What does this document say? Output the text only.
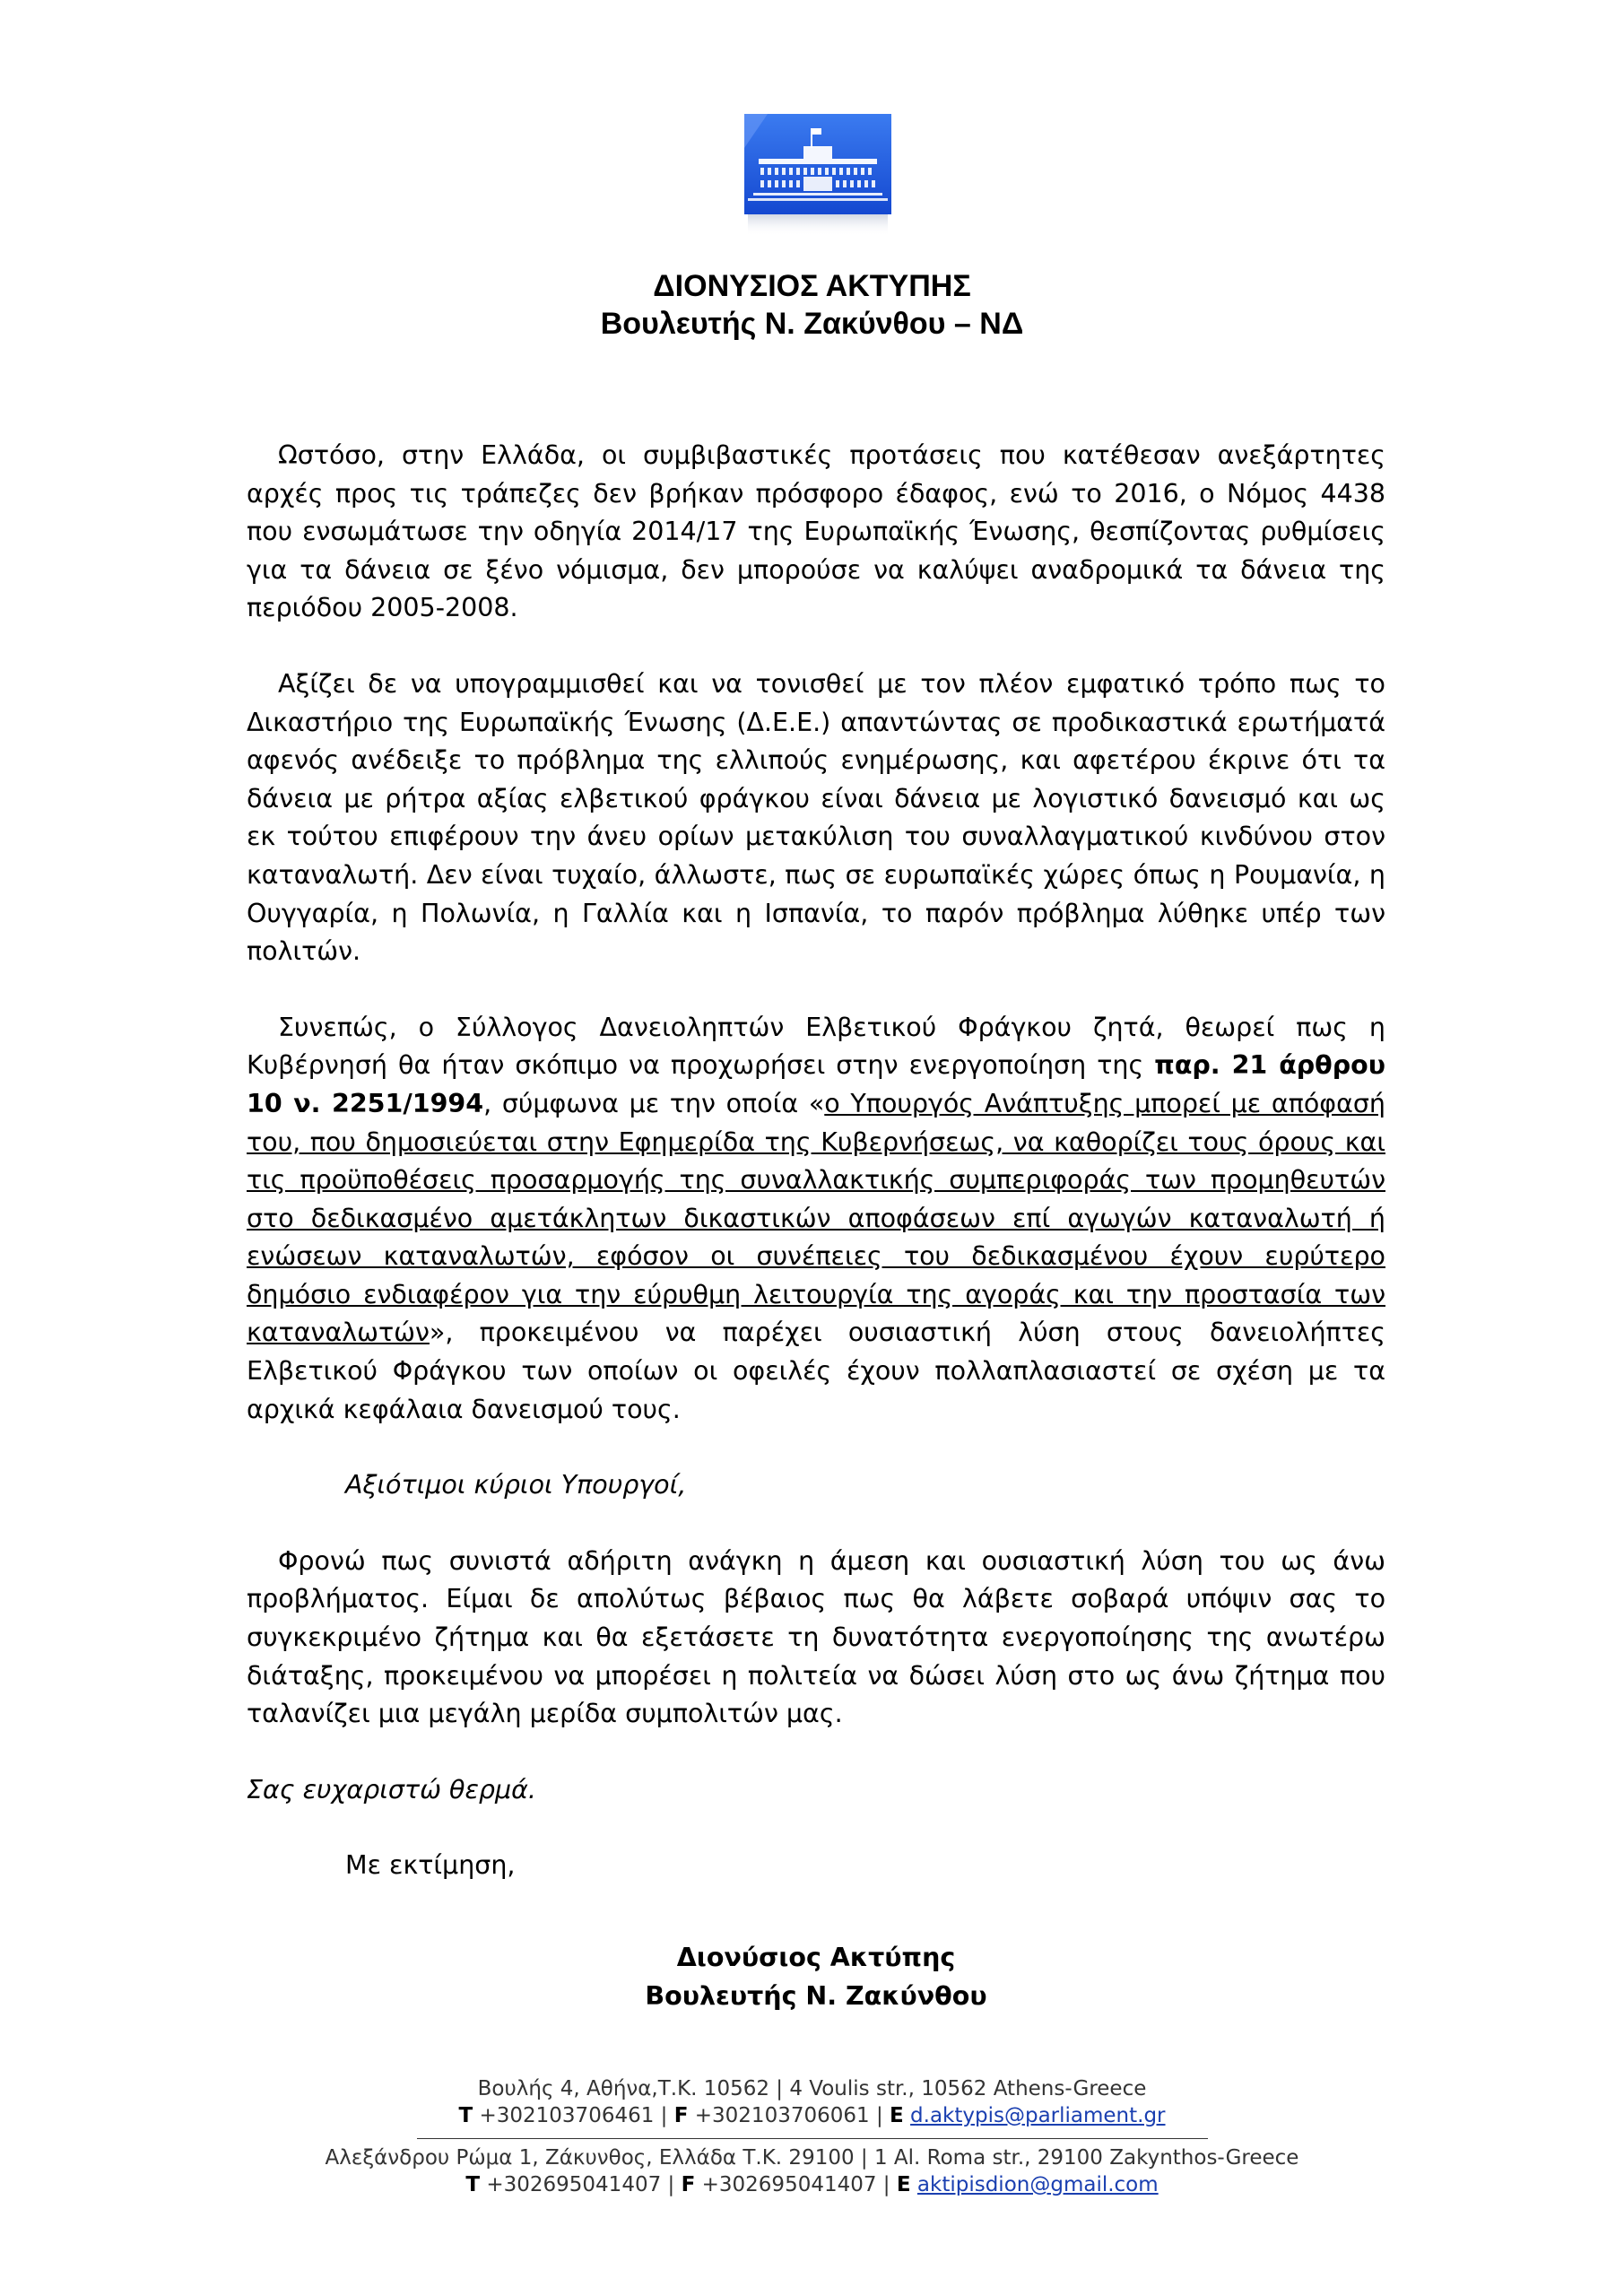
ΔΙΟΝΥΣΙΟΣ ΑΚΤΥΠΗΣ
Βουλευτής Ν. Ζακύνθου – ΝΔ

Ωστόσο, στην Ελλάδα, οι συμβιβαστικές προτάσεις που κατέθεσαν ανεξάρτητες αρχές προς τις τράπεζες δεν βρήκαν πρόσφορο έδαφος, ενώ το 2016, ο Νόμος 4438 που ενσωμάτωσε την οδηγία 2014/17 της Ευρωπαϊκής Ένωσης, θεσπίζοντας ρυθμίσεις για τα δάνεια σε ξένο νόμισμα, δεν μπορούσε να καλύψει αναδρομικά τα δάνεια της περιόδου 2005-2008.

Αξίζει δε να υπογραμμισθεί και να τονισθεί με τον πλέον εμφατικό τρόπο πως το Δικαστήριο της Ευρωπαϊκής Ένωσης (Δ.Ε.Ε.) απαντώντας σε προδικαστικά ερωτήματά αφενός ανέδειξε το πρόβλημα της ελλιπούς ενημέρωσης, και αφετέρου έκρινε ότι τα δάνεια με ρήτρα αξίας ελβετικού φράγκου είναι δάνεια με λογιστικό δανεισμό και ως εκ τούτου επιφέρουν την άνευ ορίων μετακύλιση του συναλλαγματικού κινδύνου στον καταναλωτή. Δεν είναι τυχαίο, άλλωστε, πως σε ευρωπαϊκές χώρες όπως η Ρουμανία, η Ουγγαρία, η Πολωνία, η Γαλλία και η Ισπανία, το παρόν πρόβλημα λύθηκε υπέρ των πολιτών.

Συνεπώς, ο Σύλλογος Δανειοληπτών Ελβετικού Φράγκου ζητά, θεωρεί πως η Κυβέρνησή θα ήταν σκόπιμο να προχωρήσει στην ενεργοποίηση της παρ. 21 άρθρου 10 ν. 2251/1994, σύμφωνα με την οποία «ο Υπουργός Ανάπτυξης μπορεί με απόφασή του, που δημοσιεύεται στην Εφημερίδα της Κυβερνήσεως, να καθορίζει τους όρους και τις προϋποθέσεις προσαρμογής της συναλλακτικής συμπεριφοράς των προμηθευτών στο δεδικασμένο αμετάκλητων δικαστικών αποφάσεων επί αγωγών καταναλωτή ή ενώσεων καταναλωτών, εφόσον οι συνέπειες του δεδικασμένου έχουν ευρύτερο δημόσιο ενδιαφέρον για την εύρυθμη λειτουργία της αγοράς και την προστασία των καταναλωτών», προκειμένου να παρέχει ουσιαστική λύση στους δανειολήπτες Ελβετικού Φράγκου των οποίων οι οφειλές έχουν πολλαπλασιαστεί σε σχέση με τα αρχικά κεφάλαια δανεισμού τους.

Αξιότιμοι κύριοι Υπουργοί,

Φρονώ πως συνιστά αδήριτη ανάγκη η άμεση και ουσιαστική λύση του ως άνω προβλήματος. Είμαι δε απολύτως βέβαιος πως θα λάβετε σοβαρά υπόψιν σας το συγκεκριμένο ζήτημα και θα εξετάσετε τη δυνατότητα ενεργοποίησης της ανωτέρω διάταξης, προκειμένου να μπορέσει η πολιτεία να δώσει λύση στο ως άνω ζήτημα που ταλανίζει μια μεγάλη μερίδα συμπολιτών μας.

Σας ευχαριστώ θερμά.

Με εκτίμηση,

Διονύσιος Ακτύπης
Βουλευτής Ν. Ζακύνθου
Βουλής 4, Αθήνα,Τ.Κ. 10562 | 4 Voulis str., 10562 Athens-Greece
T +302103706461 | F +302103706061 | E d.aktypis@parliament.gr
Αλεξάνδρου Ρώμα 1, Ζάκυνθος, Ελλάδα Τ.Κ. 29100 | 1 Al. Roma str., 29100 Zakynthos-Greece
T +302695041407 | F +302695041407 | E aktipisdion@gmail.com
